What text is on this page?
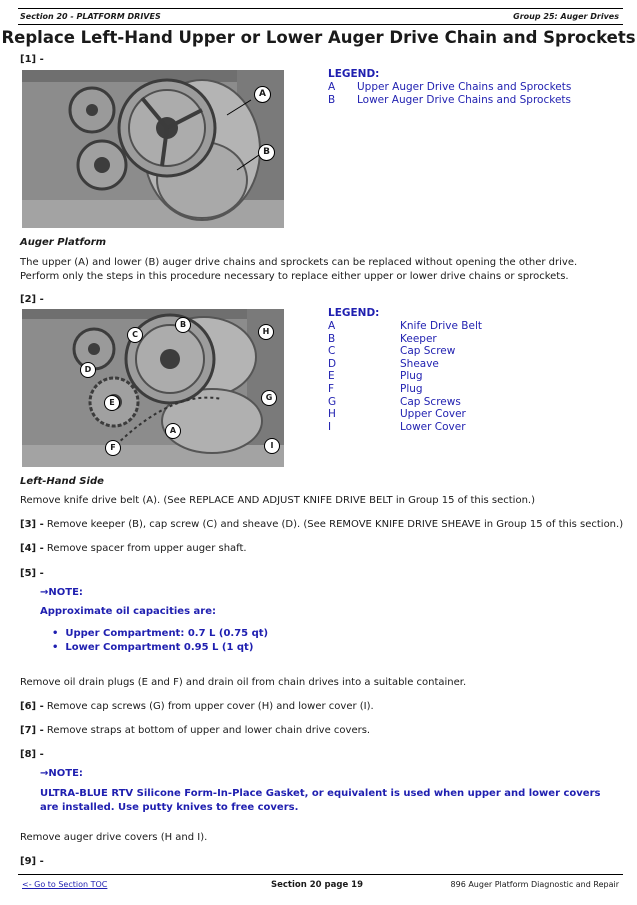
Section 20 - PLATFORM DRIVES	Group 25: Auger Drives
Replace Left-Hand Upper or Lower Auger Drive Chain and Sprockets
[1] -
A
B
LEGEND:
A Upper Auger Drive Chains and Sprockets
B Lower Auger Drive Chains and Sprockets
Auger Platform
The upper (A) and lower (B) auger drive chains and sprockets can be replaced without opening the other drive. Perform only the steps in this procedure necessary to replace either upper or lower drive chains or sprockets.
[2] -
C
B
H
D
E
G
A
F	I
LEGEND:
A	Knife Drive Belt
B	Keeper
C	Cap Screw
D	Sheave
E	Plug
F	Plug
G	Cap Screws
H	Upper Cover
I	Lower Cover
Left-Hand Side
Remove knife drive belt (A). (See REPLACE AND ADJUST KNIFE DRIVE BELT in Group 15 of this section.)
[3] - Remove keeper (B), cap screw (C) and sheave (D). (See REMOVE KNIFE DRIVE SHEAVE in Group 15 of this section.)
[4] - Remove spacer from upper auger shaft.
[5] -
→NOTE:
Approximate oil capacities are:
•  Upper Compartment: 0.7 L (0.75 qt)
•  Lower Compartment 0.95 L (1 qt)
Remove oil drain plugs (E and F) and drain oil from chain drives into a suitable container.
[6] - Remove cap screws (G) from upper cover (H) and lower cover (I).
[7] - Remove straps at bottom of upper and lower chain drive covers.
[8] -
→NOTE:
ULTRA-BLUE RTV Silicone Form-In-Place Gasket, or equivalent is used when upper and lower covers are installed. Use putty knives to free covers.
Remove auger drive covers (H and I).
[9] -
<- Go to Section TOC	Section 20 page 19	896 Auger Platform Diagnostic and Repair
